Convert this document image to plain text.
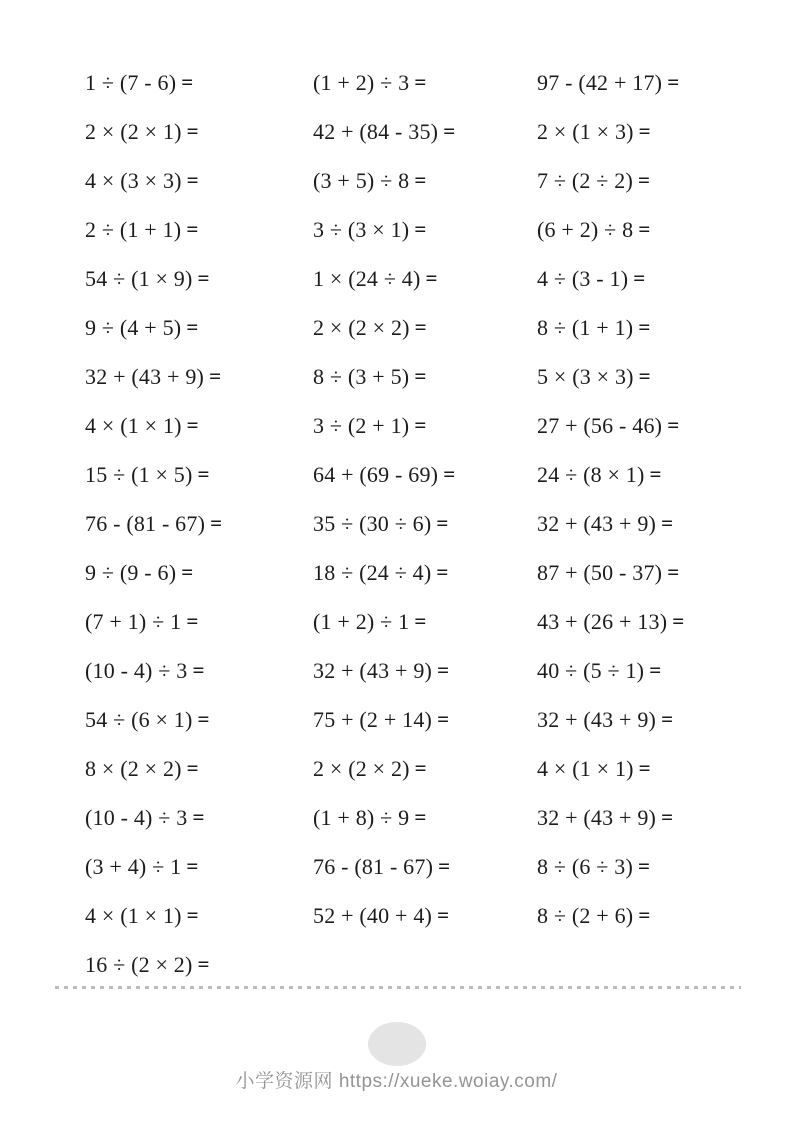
1 ÷ (7 - 6) =	(1 + 2) ÷ 3 =	97 - (42 + 17) =
2 × (2 × 1) =	42 + (84 - 35) =	2 × (1 × 3) =
4 × (3 × 3) =	(3 + 5) ÷ 8 =	7 ÷ (2 ÷ 2) =
2 ÷ (1 + 1) =	3 ÷ (3 × 1) =	(6 + 2) ÷ 8 =
54 ÷ (1 × 9) =	1 × (24 ÷ 4) =	4 ÷ (3 - 1) =
9 ÷ (4 + 5) =	2 × (2 × 2) =	8 ÷ (1 + 1) =
32 + (43 + 9) =	8 ÷ (3 + 5) =	5 × (3 × 3) =
4 × (1 × 1) =	3 ÷ (2 + 1) =	27 + (56 - 46) =
15 ÷ (1 × 5) =	64 + (69 - 69) =	24 ÷ (8 × 1) =
76 - (81 - 67) =	35 ÷ (30 ÷ 6) =	32 + (43 + 9) =
9 ÷ (9 - 6) =	18 ÷ (24 ÷ 4) =	87 + (50 - 37) =
(7 + 1) ÷ 1 =	(1 + 2) ÷ 1 =	43 + (26 + 13) =
(10 - 4) ÷ 3 =	32 + (43 + 9) =	40 ÷ (5 ÷ 1) =
54 ÷ (6 × 1) =	75 + (2 + 14) =	32 + (43 + 9) =
8 × (2 × 2) =	2 × (2 × 2) =	4 × (1 × 1) =
(10 - 4) ÷ 3 =	(1 + 8) ÷ 9 =	32 + (43 + 9) =
(3 + 4) ÷ 1 =	76 - (81 - 67) =	8 ÷ (6 ÷ 3) =
4 × (1 × 1) =	52 + (40 + 4) =	8 ÷ (2 + 6) =
16 ÷ (2 × 2) =
小学资源网 https://xueke.woiay.com/
